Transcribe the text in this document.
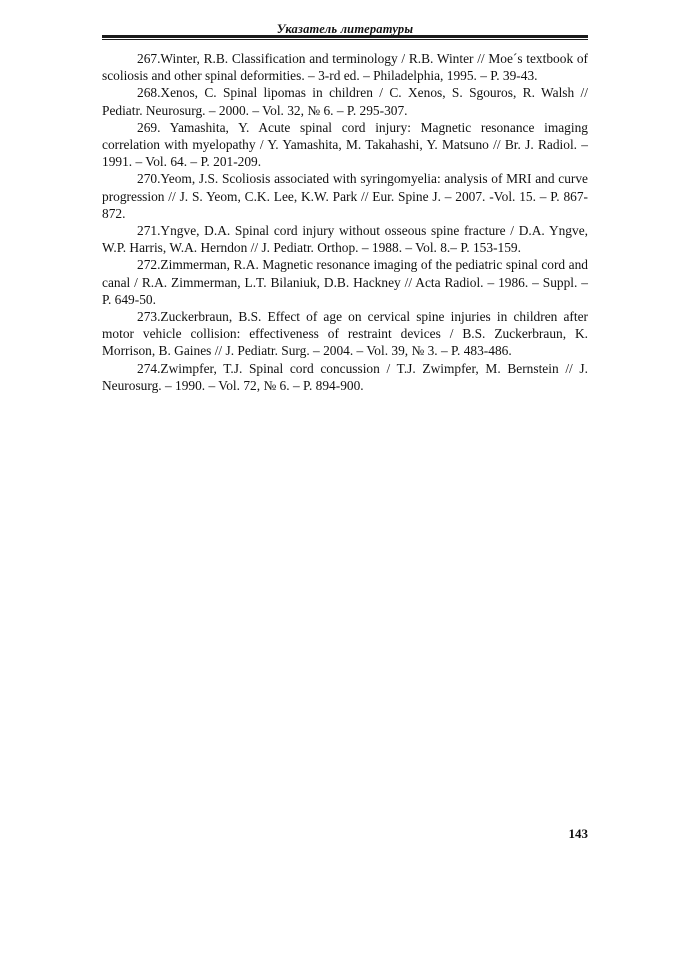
Указатель литературы

267.Winter, R.B. Classification and terminology / R.B. Winter // Moe´s textbook of scoliosis and other spinal deformities. – 3-rd ed. – Philadelphia, 1995. – P. 39-43.

268.Xenos, C. Spinal lipomas in children / C. Xenos, S. Sgouros, R. Walsh // Pediatr. Neurosurg. – 2000. – Vol. 32, № 6. – P. 295-307.

269. Yamashita, Y. Acute spinal cord injury: Magnetic resonance imaging correlation with myelopathy / Y. Yamashita, M. Takahashi, Y. Matsuno // Br. J. Radiol. – 1991. – Vol. 64. – P. 201-209.

270.Yeom, J.S. Scoliosis associated with syringomyelia: analysis of MRI and curve progression // J. S. Yeom, C.K. Lee, K.W. Park // Eur. Spine J. – 2007. -Vol. 15. – P. 867-872.

271.Yngve, D.A. Spinal cord injury without osseous spine fracture / D.A. Yngve, W.P. Harris, W.A. Herndon // J. Pediatr. Orthop. – 1988. – Vol. 8.– P. 153-159.

272.Zimmerman, R.A. Magnetic resonance imaging of the pediatric spinal cord and canal / R.A. Zimmerman, L.T. Bilaniuk, D.B. Hackney // Acta Radiol. – 1986. – Suppl. – P. 649-50.

273.Zuckerbraun, B.S. Effect of age on cervical spine injuries in children after motor vehicle collision: effectiveness of restraint devices / B.S. Zuckerbraun, K. Morrison, B. Gaines // J. Pediatr. Surg. – 2004. – Vol. 39, № 3. – P. 483-486.

274.Zwimpfer, T.J. Spinal cord concussion / T.J. Zwimpfer, M. Bernstein // J. Neurosurg. – 1990. – Vol. 72, № 6. – P. 894-900.

143
